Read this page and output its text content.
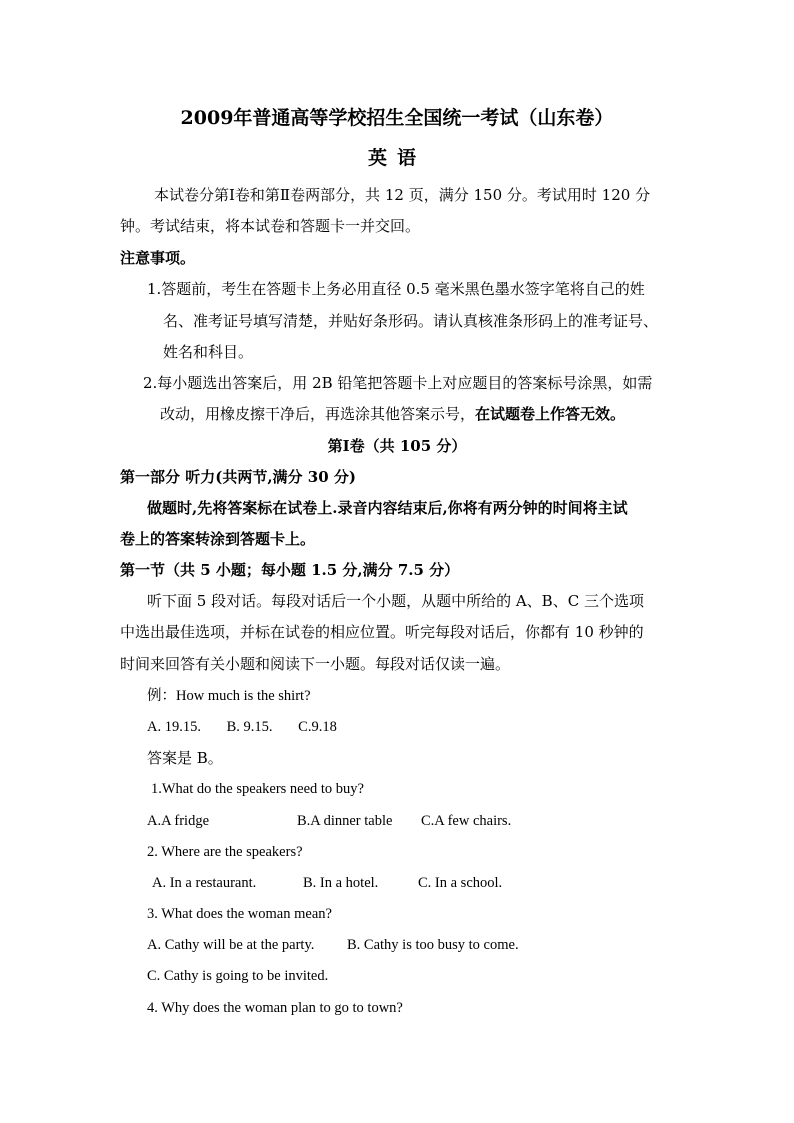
2009年普通高等学校招生全国统一考试（山东卷）
英语
本试卷分第Ⅰ卷和第Ⅱ卷两部分，共 12 页，满分 150 分。考试用时 120 分
钟。考试结束，将本试卷和答题卡一并交回。
注意事项。
1.答题前，考生在答题卡上务必用直径 0.5 毫米黑色墨水签字笔将自己的姓
名、准考证号填写清楚，并贴好条形码。请认真核准条形码上的准考证号、
姓名和科目。
2.每小题选出答案后，用 2B 铅笔把答题卡上对应题目的答案标号涂黑，如需
改动，用橡皮擦干净后，再选涂其他答案示号，在试题卷上作答无效。
第Ⅰ卷（共 105 分）
第一部分 听力(共两节,满分 30 分)
做题时,先将答案标在试卷上.录音内容结束后,你将有两分钟的时间将主试
卷上的答案转涂到答题卡上。
第一节（共 5 小题；每小题 1.5 分,满分 7.5 分）
听下面 5 段对话。每段对话后一个小题，从题中所给的 A、B、C 三个选项
中选出最佳选项，并标在试卷的相应位置。听完每段对话后，你都有 10 秒钟的
时间来回答有关小题和阅读下一小题。每段对话仅读一遍。
例：How much is the shirt?
A. 19.15. B. 9.15. C.9.18
答案是 B。
1.What do the speakers need to buy?
A.A fridge	B.A dinner table C.A few chairs.
2. Where are the speakers?
A. In a restaurant.	B. In a hotel.	C. In a school.
3. What does the woman mean?
A. Cathy will be at the party. B. Cathy is too busy to come.
C. Cathy is going to be invited.
4. Why does the woman plan to go to town?
